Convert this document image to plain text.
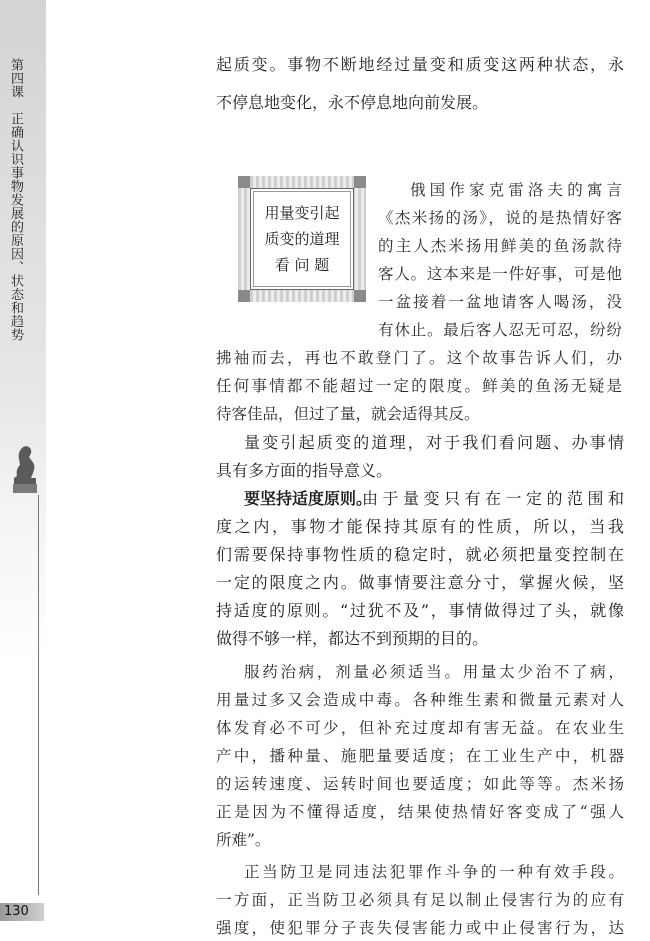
第四课　正确认识事物发展的原因、状态和趋势
130
起质变。事物不断地经过量变和质变这两种状态，永
不停息地变化，永不停息地向前发展。
俄国作家克雷洛夫的寓言
《杰米扬的汤》，说的是热情好客
的主人杰米扬用鲜美的鱼汤款待
客人。这本来是一件好事，可是他
一盆接着一盆地请客人喝汤，没
有休止。最后客人忍无可忍，纷纷
拂袖而去，再也不敢登门了。这个故事告诉人们，办
任何事情都不能超过一定的限度。鲜美的鱼汤无疑是
待客佳品，但过了量，就会适得其反。
量变引起质变的道理，对于我们看问题、办事情
具有多方面的指导意义。
要坚持适度原则。
由于量变只有在一定的范围和
度之内，事物才能保持其原有的性质，所以，当我
们需要保持事物性质的稳定时，就必须把量变控制在
一定的限度之内。做事情要注意分寸，掌握火候，坚
持适度的原则。“过犹不及”，事情做得过了头，就像
做得不够一样，都达不到预期的目的。
服药治病，剂量必须适当。用量太少治不了病，
用量过多又会造成中毒。各种维生素和微量元素对人
体发育必不可少，但补充过度却有害无益。在农业生
产中，播种量、施肥量要适度；在工业生产中，机器
的运转速度、运转时间也要适度；如此等等。杰米扬
正是因为不懂得适度，结果使热情好客变成了“强人
所难”。
正当防卫是同违法犯罪作斗争的一种有效手段。
一方面，正当防卫必须具有足以制止侵害行为的应有
强度，使犯罪分子丧失侵害能力或中止侵害行为，达
用量变引起
质变的道理
看 问 题
